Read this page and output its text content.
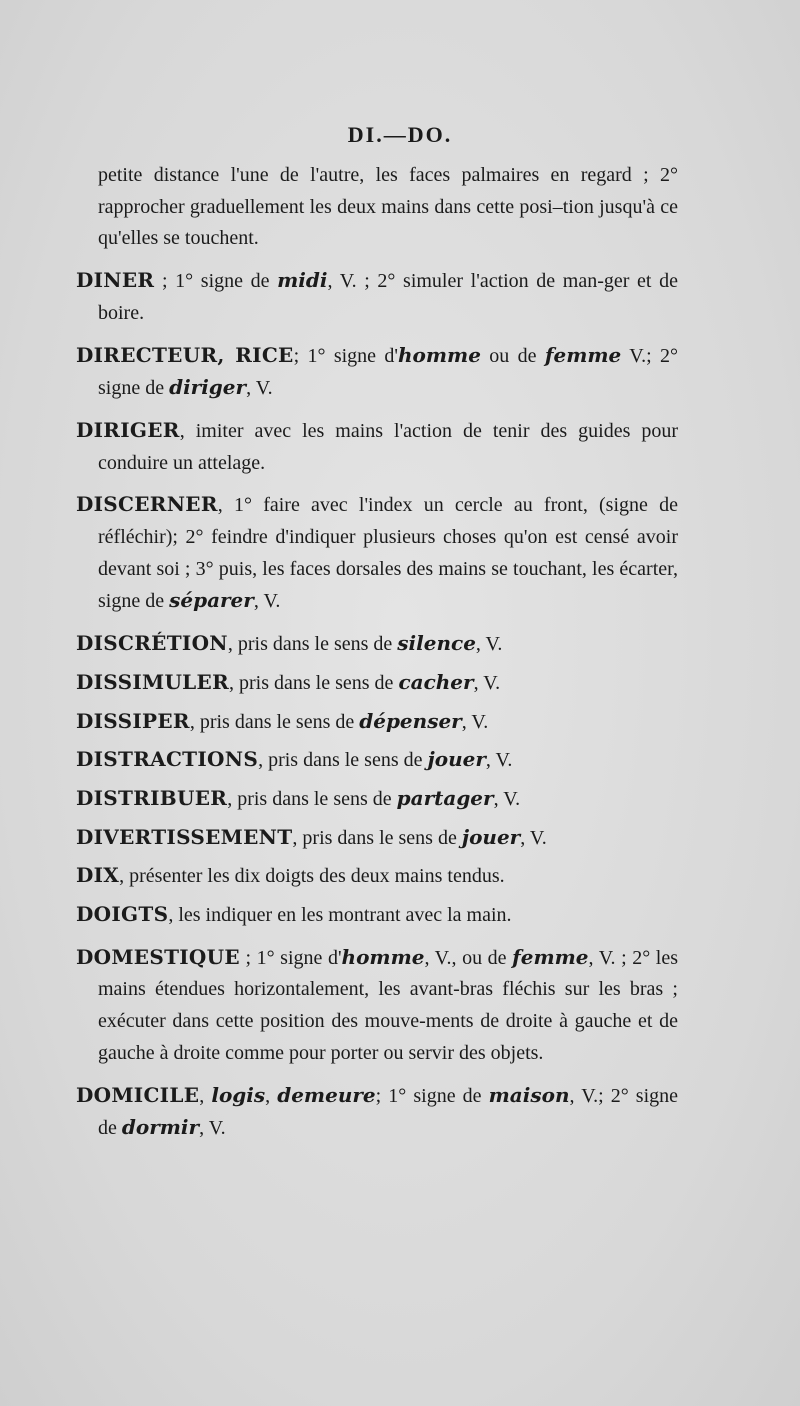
DI.—DO.

petite distance l'une de l'autre, les faces palmaires en regard ; 2° rapprocher graduellement les deux mains dans cette posi–tion jusqu'à ce qu'elles se touchent.

DINER ; 1° signe de midi, V. ; 2° simuler l'action de man-ger et de boire.

DIRECTEUR, RICE; 1° signe d'homme ou de femme V.; 2° signe de diriger, V.

DIRIGER, imiter avec les mains l'action de tenir des guides pour conduire un attelage.

DISCERNER, 1° faire avec l'index un cercle au front, (signe de réfléchir); 2° feindre d'indiquer plusieurs choses qu'on est censé avoir devant soi ; 3° puis, les faces dorsales des mains se touchant, les écarter, signe de séparer, V.

DISCRÉTION, pris dans le sens de silence, V.

DISSIMULER, pris dans le sens de cacher, V.

DISSIPER, pris dans le sens de dépenser, V.

DISTRACTIONS, pris dans le sens de jouer, V.

DISTRIBUER, pris dans le sens de partager, V.

DIVERTISSEMENT, pris dans le sens de jouer, V.

DIX, présenter les dix doigts des deux mains tendus.

DOIGTS, les indiquer en les montrant avec la main.

DOMESTIQUE ; 1° signe d'homme, V., ou de femme, V. ; 2° les mains étendues horizontalement, les avant-bras fléchis sur les bras ; exécuter dans cette position des mouve-ments de droite à gauche et de gauche à droite comme pour porter ou servir des objets.

DOMICILE, logis, demeure; 1° signe de maison, V.; 2° signe de dormir, V.
